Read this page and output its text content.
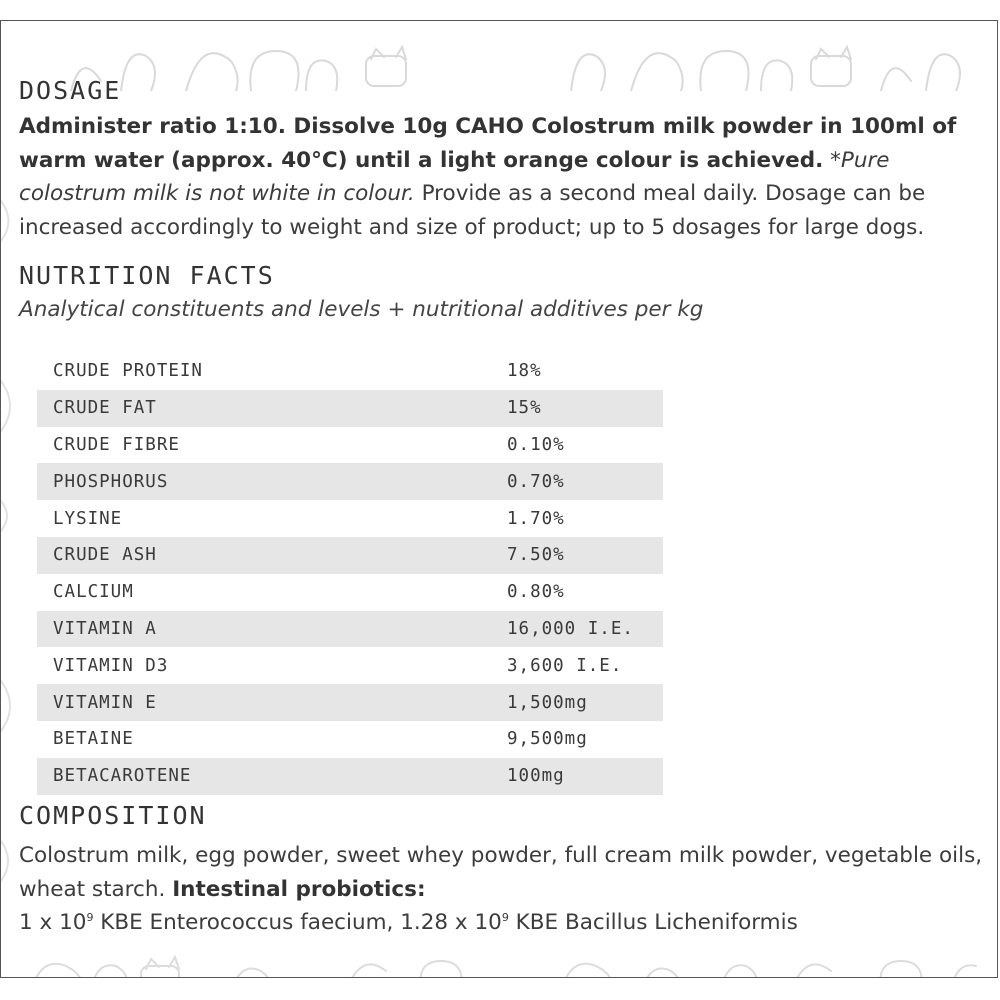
DOSAGE
Administer ratio 1:10. Dissolve 10g CAHO Colostrum milk powder in 100ml of warm water (approx. 40°C) until a light orange colour is achieved. *Pure colostrum milk is not white in colour. Provide as a second meal daily. Dosage can be increased accordingly to weight and size of product; up to 5 dosages for large dogs.
NUTRITION FACTS
Analytical constituents and levels + nutritional additives per kg
CRUDE PROTEIN	18%
CRUDE FAT	15%
CRUDE FIBRE	0.10%
PHOSPHORUS	0.70%
LYSINE	1.70%
CRUDE ASH	7.50%
CALCIUM	0.80%
VITAMIN A	16,000 I.E.
VITAMIN D3	3,600 I.E.
VITAMIN E	1,500mg
BETAINE	9,500mg
BETACAROTENE	100mg
COMPOSITION
Colostrum milk, egg powder, sweet whey powder, full cream milk powder, vegetable oils, wheat starch. Intestinal probiotics:
1 x $10^9$ KBE Enterococcus faecium, 1.28 x $10^9$ KBE Bacillus Licheniformis
